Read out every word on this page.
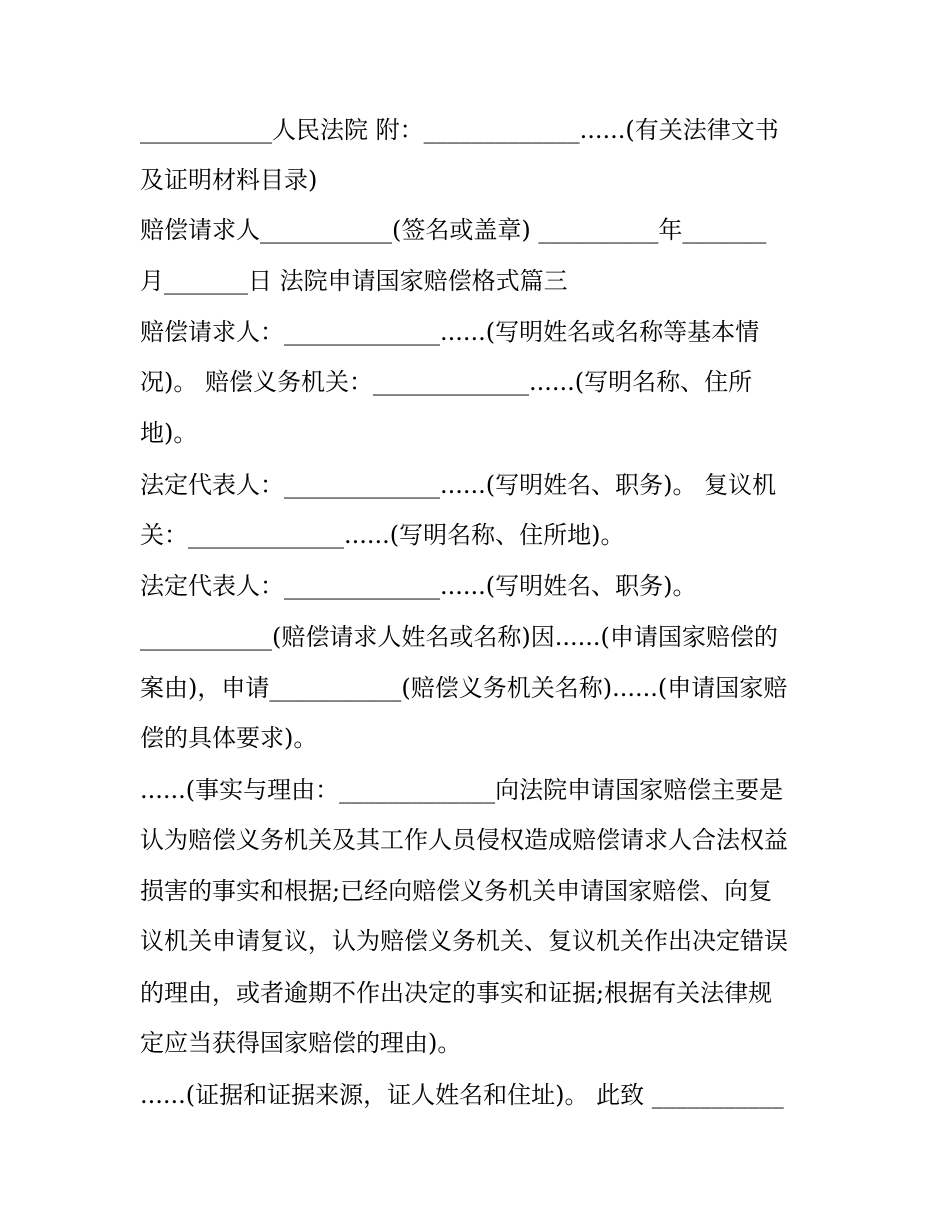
___________人民法院 附：_____________......(有关法律文书
及证明材料目录)
赔偿请求人___________(签名或盖章) __________年_______
月_______日 法院申请国家赔偿格式篇三
赔偿请求人：_____________......(写明姓名或名称等基本情
况)。 赔偿义务机关：_____________......(写明名称、住所
地)。
法定代表人：_____________......(写明姓名、职务)。 复议机
关：_____________......(写明名称、住所地)。
法定代表人：_____________......(写明姓名、职务)。
___________(赔偿请求人姓名或名称)因......(申请国家赔偿的
案由)，申请___________(赔偿义务机关名称)......(申请国家赔
偿的具体要求)。
......(事实与理由：_____________向法院申请国家赔偿主要是
认为赔偿义务机关及其工作人员侵权造成赔偿请求人合法权益
损害的事实和根据;已经向赔偿义务机关申请国家赔偿、向复
议机关申请复议，认为赔偿义务机关、复议机关作出决定错误
的理由，或者逾期不作出决定的事实和证据;根据有关法律规
定应当获得国家赔偿的理由)。
......(证据和证据来源，证人姓名和住址)。 此致 ___________
